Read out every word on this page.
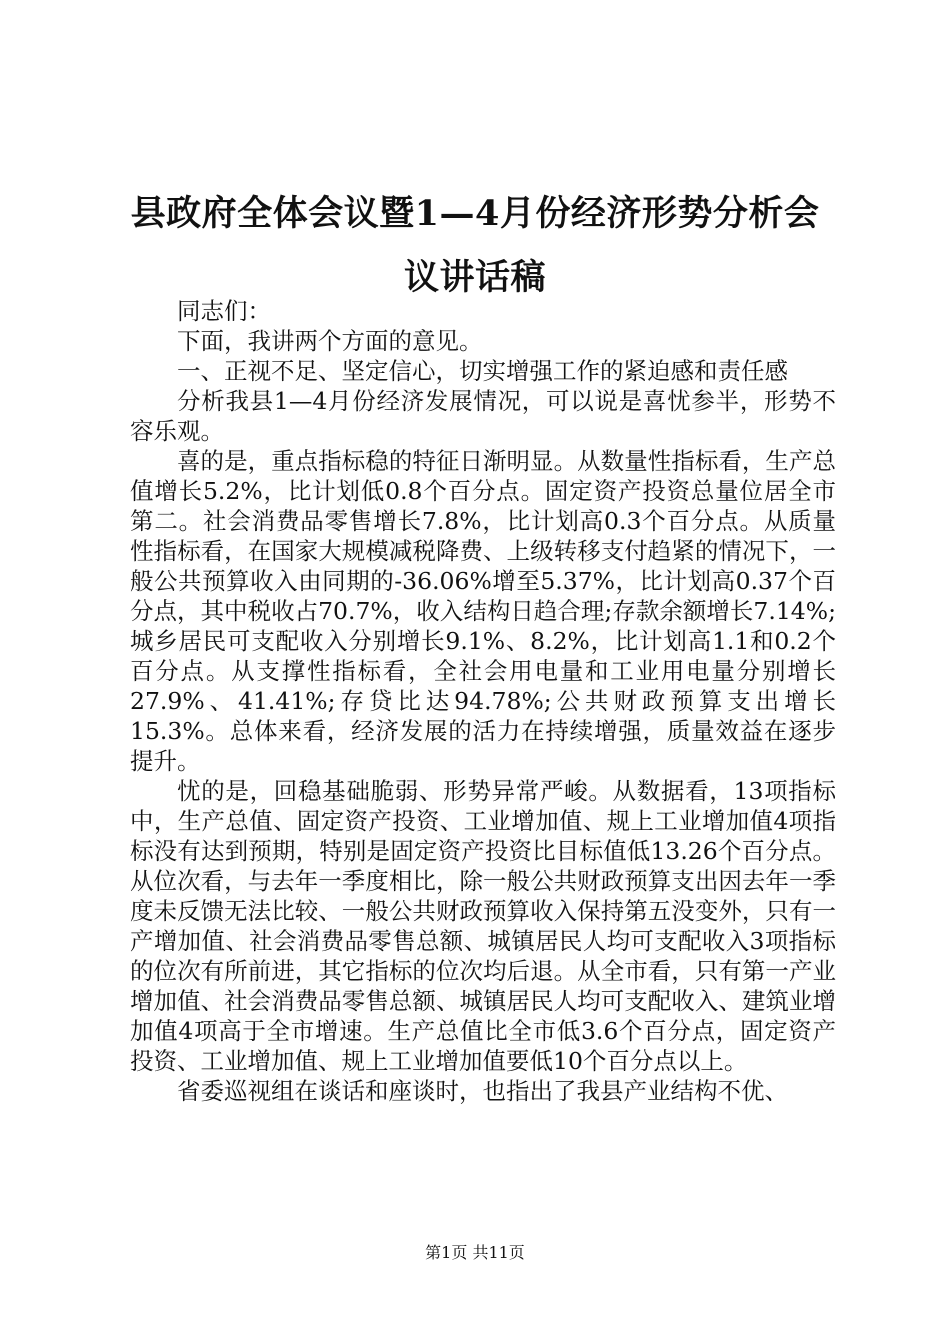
县政府全体会议暨1—4月份经济形势分析会
议讲话稿

同志们：

下面，我讲两个方面的意见。

一、正视不足、坚定信心，切实增强工作的紧迫感和责任感

分析我县1—4月份经济发展情况，可以说是喜忧参半，形势不容乐观。

喜的是，重点指标稳的特征日渐明显。从数量性指标看，生产总值增长5.2%，比计划低0.8个百分点。固定资产投资总量位居全市第二。社会消费品零售增长7.8%，比计划高0.3个百分点。从质量性指标看，在国家大规模减税降费、上级转移支付趋紧的情况下，一般公共预算收入由同期的-36.06%增至5.37%，比计划高0.37个百分点，其中税收占70.7%，收入结构日趋合理;存款余额增长7.14%;城乡居民可支配收入分别增长9.1%、8.2%，比计划高1.1和0.2个百分点。从支撑性指标看，全社会用电量和工业用电量分别增长27.9%、41.41%;存贷比达94.78%;公共财政预算支出增长15.3%。总体来看，经济发展的活力在持续增强，质量效益在逐步提升。

忧的是，回稳基础脆弱、形势异常严峻。从数据看，13项指标中，生产总值、固定资产投资、工业增加值、规上工业增加值4项指标没有达到预期，特别是固定资产投资比目标值低13.26个百分点。从位次看，与去年一季度相比，除一般公共财政预算支出因去年一季度未反馈无法比较、一般公共财政预算收入保持第五没变外，只有一产增加值、社会消费品零售总额、城镇居民人均可支配收入3项指标的位次有所前进，其它指标的位次均后退。从全市看，只有第一产业增加值、社会消费品零售总额、城镇居民人均可支配收入、建筑业增加值4项高于全市增速。生产总值比全市低3.6个百分点，固定资产投资、工业增加值、规上工业增加值要低10个百分点以上。

省委巡视组在谈话和座谈时，也指出了我县产业结构不优、

第1页 共11页
